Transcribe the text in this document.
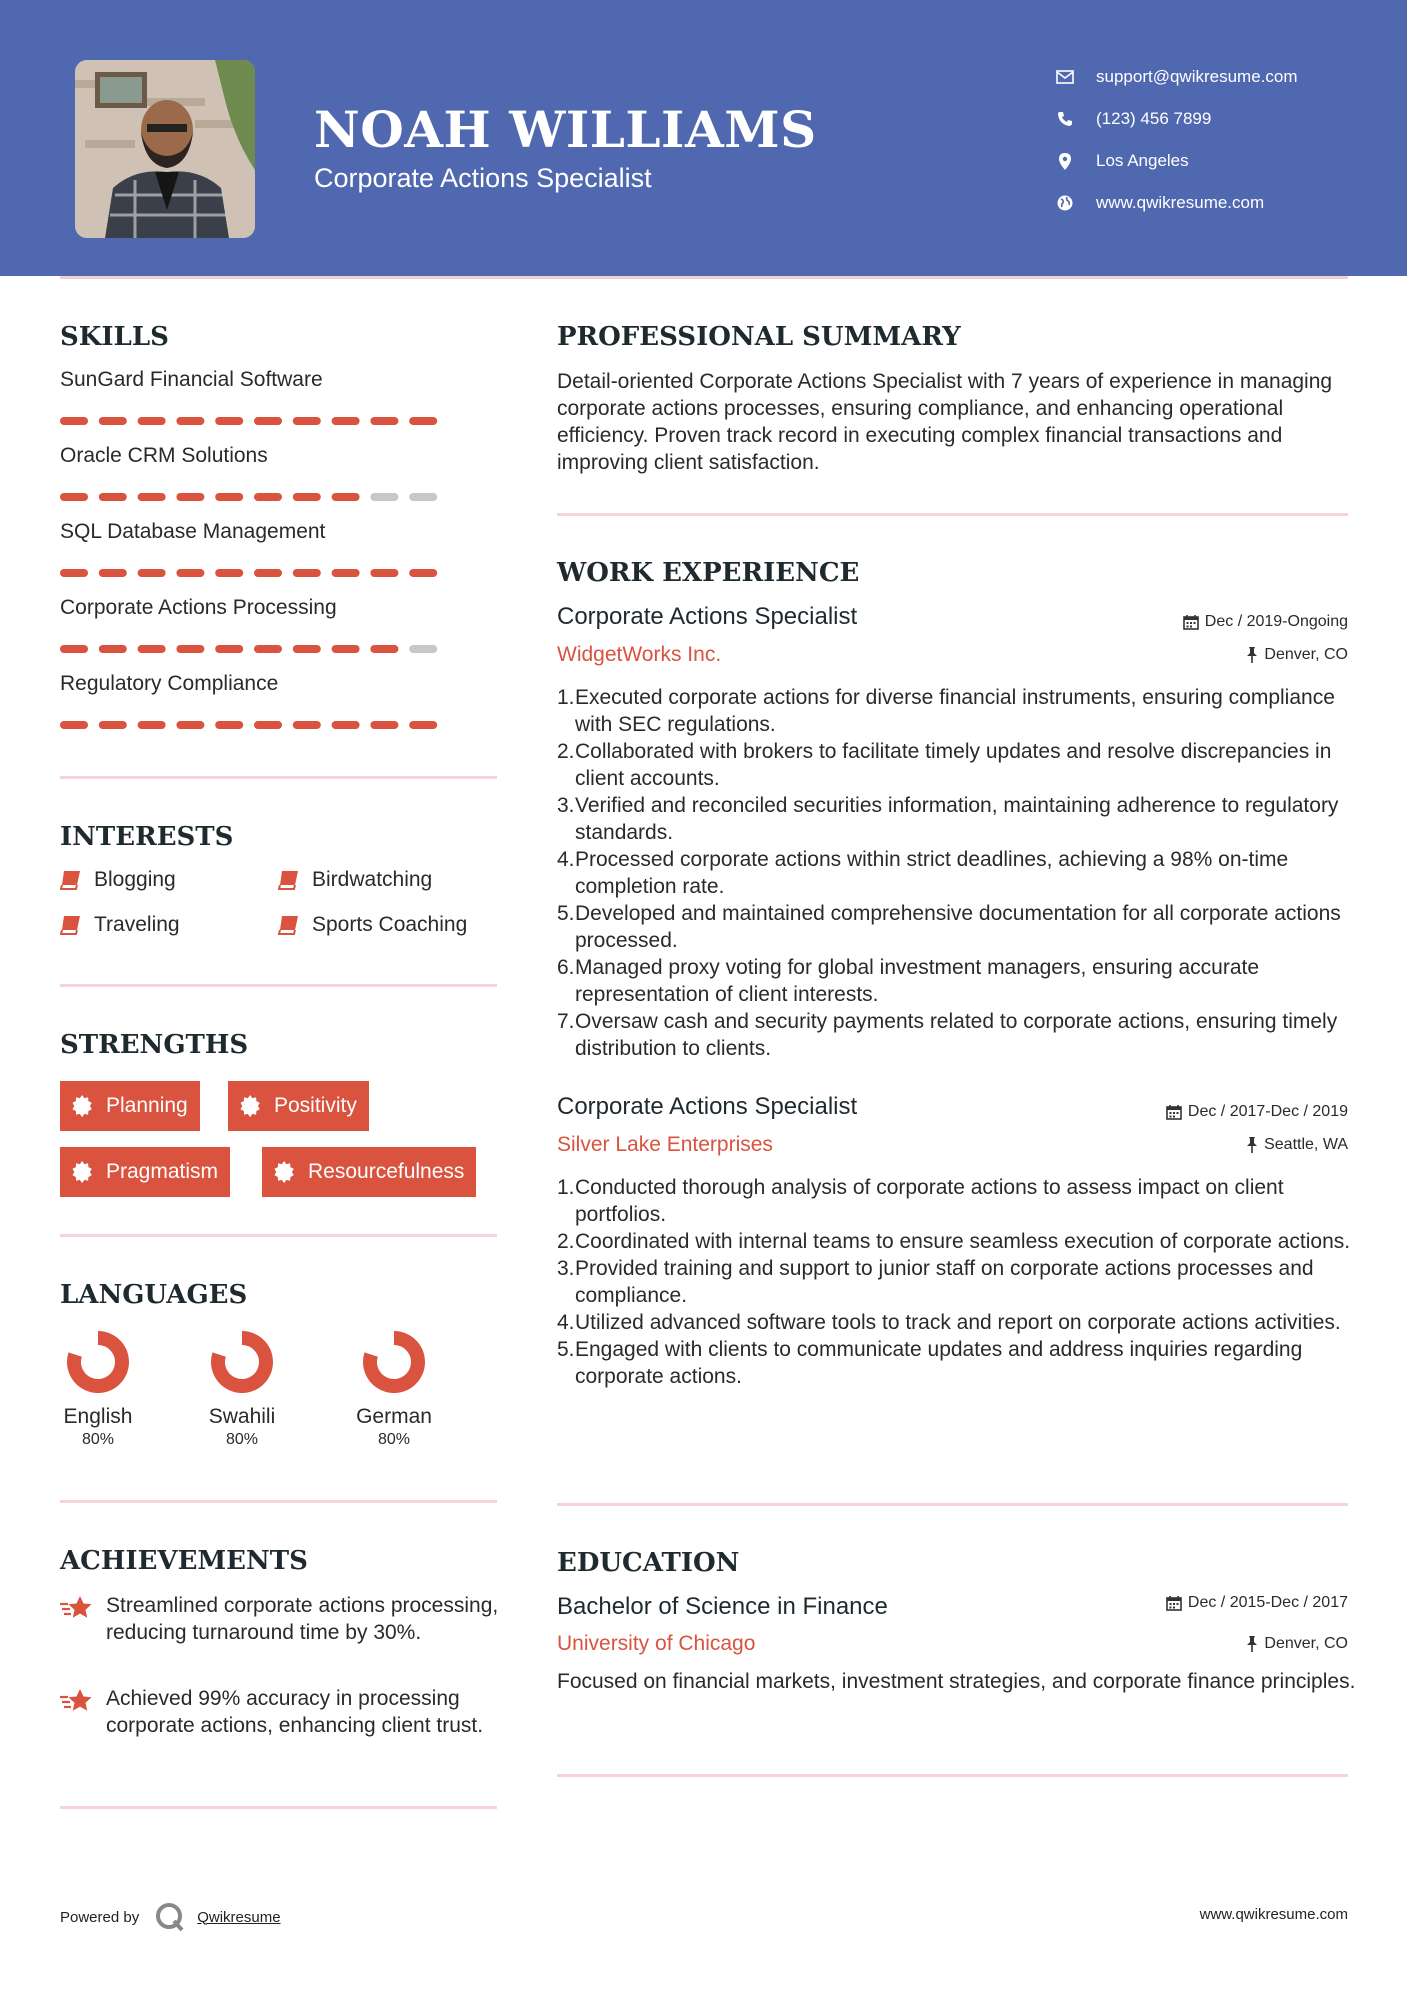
NOAH WILLIAMS
Corporate Actions Specialist
support@qwikresume.com
(123) 456 7899
Los Angeles
www.qwikresume.com
SKILLS
SunGard Financial Software
Oracle CRM Solutions
SQL Database Management
Corporate Actions Processing
Regulatory Compliance
INTERESTS
Blogging	Birdwatching
Traveling	Sports Coaching
STRENGTHS
Planning	Positivity
Pragmatism	Resourcefulness
LANGUAGES
English
80%
Swahili
80%
German
80%
ACHIEVEMENTS
Streamlined corporate actions processing, reducing turnaround time by 30%.
Achieved 99% accuracy in processing corporate actions, enhancing client trust.
PROFESSIONAL SUMMARY
Detail-oriented Corporate Actions Specialist with 7 years of experience in managing corporate actions processes, ensuring compliance, and enhancing operational efficiency. Proven track record in executing complex financial transactions and improving client satisfaction.
WORK EXPERIENCE
Corporate Actions Specialist	Dec / 2019-Ongoing
WidgetWorks Inc.	Denver, CO
1. Executed corporate actions for diverse financial instruments, ensuring compliance with SEC regulations.
2. Collaborated with brokers to facilitate timely updates and resolve discrepancies in client accounts.
3. Verified and reconciled securities information, maintaining adherence to regulatory standards.
4. Processed corporate actions within strict deadlines, achieving a 98% on-time completion rate.
5. Developed and maintained comprehensive documentation for all corporate actions processed.
6. Managed proxy voting for global investment managers, ensuring accurate representation of client interests.
7. Oversaw cash and security payments related to corporate actions, ensuring timely distribution to clients.
Corporate Actions Specialist	Dec / 2017-Dec / 2019
Silver Lake Enterprises	Seattle, WA
1. Conducted thorough analysis of corporate actions to assess impact on client portfolios.
2. Coordinated with internal teams to ensure seamless execution of corporate actions.
3. Provided training and support to junior staff on corporate actions processes and compliance.
4. Utilized advanced software tools to track and report on corporate actions activities.
5. Engaged with clients to communicate updates and address inquiries regarding corporate actions.
EDUCATION
Bachelor of Science in Finance	Dec / 2015-Dec / 2017
University of Chicago	Denver, CO
Focused on financial markets, investment strategies, and corporate finance principles.
Powered by	Qwikresume	www.qwikresume.com
